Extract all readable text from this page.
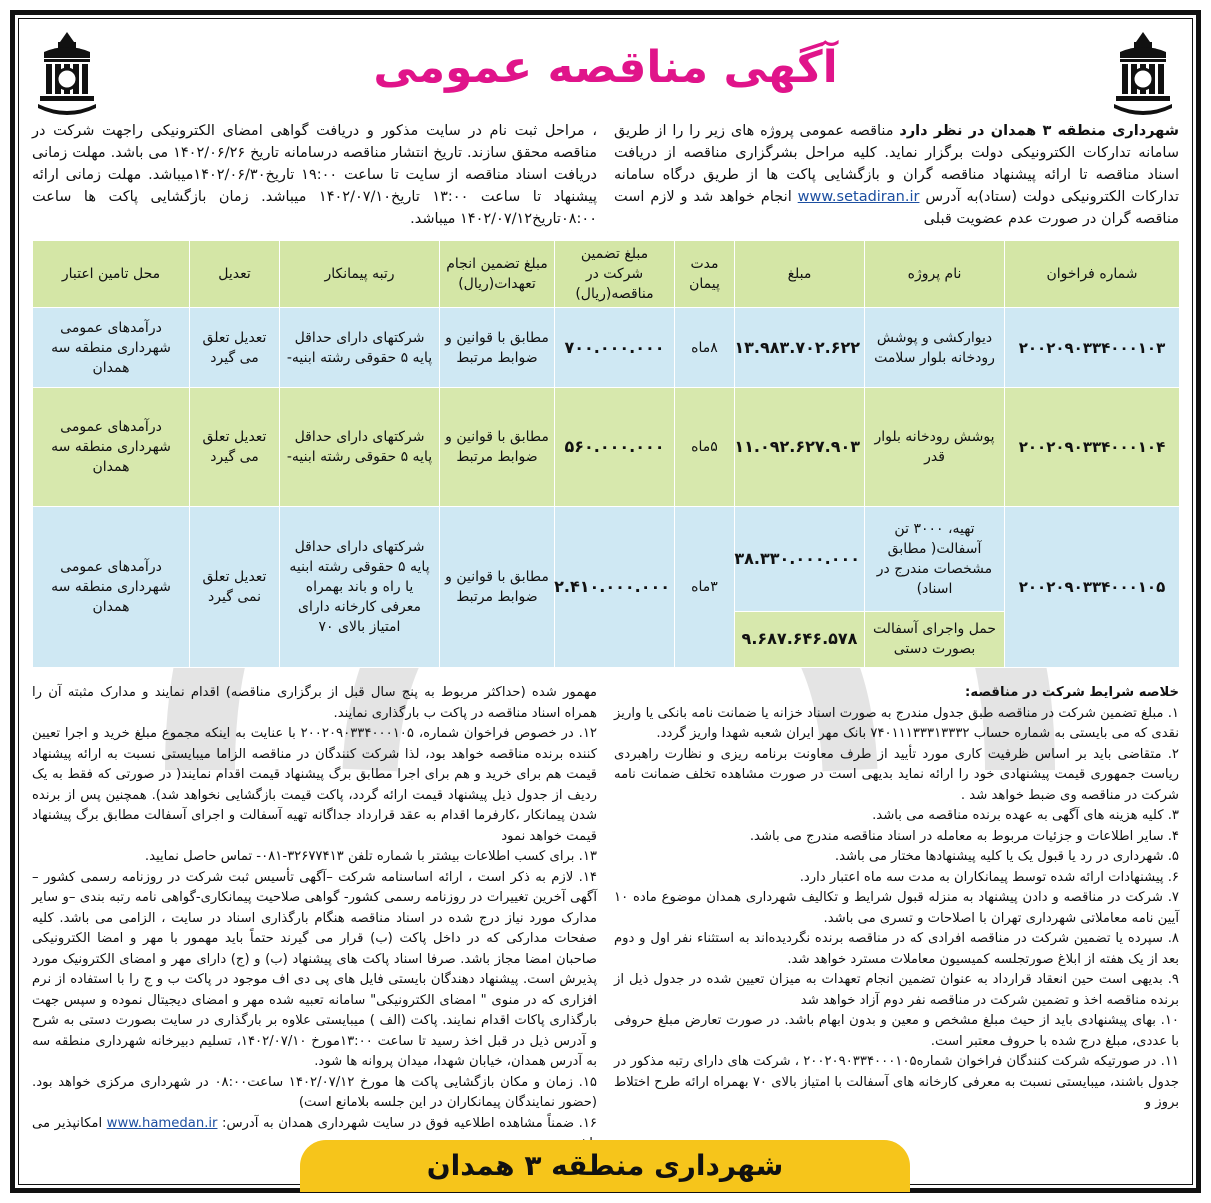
آگهی مناقصه عمومی
شهرداری منطقه ۳ همدان در نظر دارد مناقصه عمومی پروژه های زیر را را از طریق سامانه تدارکات الکترونیکی دولت برگزار نماید. کلیه مراحل بشرگزاری مناقصه از دریافت اسناد مناقصه تا ارائه پیشنهاد مناقصه گران و بازگشایی پاکت ها از طریق درگاه سامانه تدارکات الکترونیکی دولت (ستاد)به آدرس www.setadiran.ir انجام خواهد شد و لازم است مناقصه گران در صورت عدم عضویت قبلی
، مراحل ثبت نام در سایت مذکور و دریافت گواهی امضای الکترونیکی راجهت شرکت در مناقصه محقق سازند. تاریخ انتشار مناقصه درسامانه تاریخ ۱۴۰۲/۰۶/۲۶ می باشد. مهلت زمانی دریافت اسناد مناقصه از سایت تا ساعت ۱۹:۰۰ تاریخ۱۴۰۲/۰۶/۳۰میباشد. مهلت زمانی ارائه پیشنهاد تا ساعت ۱۳:۰۰ تاریخ۱۴۰۲/۰۷/۱۰ میباشد. زمان بازگشایی پاکت ها ساعت ۰۸:۰۰تاریخ۱۴۰۲/۰۷/۱۲ میباشد.
شماره فراخوان	نام پروژه	مبلغ	مدت پیمان	مبلغ تضمین شرکت در مناقصه(ریال)	مبلغ تضمین انجام تعهدات(ریال)	رتبه پیمانکار	تعدیل	محل تامین اعتبار
۲۰۰۲۰۹۰۳۳۴۰۰۰۱۰۳	دیوارکشی و پوشش رودخانه بلوار سلامت	۱۳.۹۸۳.۷۰۲.۶۲۲	۸ماه	۷۰۰.۰۰۰.۰۰۰	مطابق با قوانین و ضوابط مرتبط	شرکتهای دارای حداقل پایه ۵ حقوقی رشته ابنیه-	تعدیل تعلق می گیرد	درآمدهای عمومی شهرداری منطقه سه همدان
۲۰۰۲۰۹۰۳۳۴۰۰۰۱۰۴	پوشش رودخانه بلوار قدر	۱۱.۰۹۲.۶۲۷.۹۰۳	۵ماه	۵۶۰.۰۰۰.۰۰۰	مطابق با قوانین و ضوابط مرتبط	شرکتهای دارای حداقل پایه ۵ حقوقی رشته ابنیه-	تعدیل تعلق می گیرد	درآمدهای عمومی شهرداری منطقه سه همدان
۲۰۰۲۰۹۰۳۳۴۰۰۰۱۰۵	تهیه، ۳۰۰۰ تن آسفالت( مطابق مشخصات مندرج در اسناد)	۳۸.۳۳۰.۰۰۰.۰۰۰	۳ماه	۲.۴۱۰.۰۰۰.۰۰۰	مطابق با قوانین و ضوابط مرتبط	شرکتهای دارای حداقل پایه ۵ حقوقی رشته ابنیه یا راه و باند بهمراه معرفی کارخانه دارای امتیاز بالای ۷۰	تعدیل تعلق نمی گیرد	درآمدهای عمومی شهرداری منطقه سه همدان
	حمل واجرای آسفالت بصورت دستی	۹.۶۸۷.۶۴۶.۵۷۸						

خلاصه شرایط شرکت در مناقصه:

۱. مبلغ تضمین شرکت در مناقصه طبق جدول مندرج به صورت اسناد خزانه یا ضمانت نامه بانکی یا واریز نقدی که می بایستی به شماره حساب ۷۴۰۱۱۱۳۳۳۱۳۳۳۲ بانک مهر ایران شعبه شهدا واریز گردد.

۲. متقاضی باید بر اساس ظرفیت کاری مورد تأیید از طرف معاونت برنامه ریزی و نظارت راهبردی ریاست جمهوری قیمت پیشنهادی خود را ارائه نماید بدیهی است در صورت مشاهده تخلف ضمانت نامه شرکت در مناقصه وی ضبط خواهد شد .

۳. کلیه هزینه های آگهی به عهده برنده مناقصه می باشد.

۴. سایر اطلاعات و جزئیات مربوط به معامله در اسناد مناقصه مندرج می باشد.

۵. شهرداری در رد یا قبول یک یا کلیه پیشنهادها مختار می باشد.

۶. پیشنهادات ارائه شده توسط پیمانکاران به مدت سه ماه اعتبار دارد.

۷. شرکت در مناقصه و دادن پیشنهاد به منزله قبول شرایط و تکالیف شهرداری همدان موضوع ماده ۱۰ آیین نامه معاملاتی شهرداری تهران با اصلاحات و تسری می باشد.

۸. سپرده یا تضمین شرکت در مناقصه افرادی که در مناقصه برنده نگردیده‌اند به استثناء نفر اول و دوم بعد از یک هفته از ابلاغ صورتجلسه کمیسیون معاملات مسترد خواهد شد.

۹. بدیهی است حین انعقاد قرارداد به عنوان تضمین انجام تعهدات به میزان تعیین شده در جدول ذیل از برنده مناقصه اخذ و تضمین شرکت در مناقصه نفر دوم آزاد خواهد شد

۱۰. بهای پیشنهادی باید از حیث مبلغ مشخص و معین و بدون ابهام باشد. در صورت تعارض مبلغ حروفی با عددی، مبلغ درج شده با حروف معتبر است.

۱۱. در صورتیکه شرکت کنندگان فراخوان شماره۲۰۰۲۰۹۰۳۳۴۰۰۰۱۰۵ ، شرکت های دارای رتبه مذکور در جدول باشند، میبایستی نسبت به معرفی کارخانه های آسفالت با امتیاز بالای ۷۰ بهمراه ارائه طرح اختلاط بروز و

مهمور شده (حداکثر مربوط به پنج سال قبل از برگزاری مناقصه) اقدام نمایند و مدارک مثبته آن را همراه اسناد مناقصه در پاکت ب بارگذاری نمایند.

۱۲. در خصوص فراخوان شماره، ۲۰۰۲۰۹۰۳۳۴۰۰۰۱۰۵ با عنایت به اینکه مجموع مبلغ خرید و اجرا تعیین کننده برنده مناقصه خواهد بود، لذا شرکت کنندگان در مناقصه الزاما میبایستی نسبت به ارائه پیشنهاد قیمت هم برای خرید و هم برای اجرا مطابق برگ پیشنهاد قیمت اقدام نمایند( در صورتی که فقط به یک ردیف از جدول ذیل پیشنهاد قیمت ارائه گردد، پاکت قیمت بازگشایی نخواهد شد). همچنین پس از برنده شدن پیمانکار ،کارفرما اقدام به عقد قرارداد جداگانه تهیه آسفالت و اجرای آسفالت مطابق برگ پیشنهاد قیمت خواهد نمود

۱۳. برای کسب اطلاعات بیشتر با شماره تلفن ۳۲۶۷۷۴۱۳-۰۸۱- تماس حاصل نمایید.

۱۴. لازم به ذکر است ، ارائه اساسنامه شرکت –آگهی تأسیس ثبت شرکت در روزنامه رسمی کشور –آگهی آخرین تغییرات در روزنامه رسمی کشور- گواهی صلاحیت پیمانکاری-گواهی نامه رتبه بندی –و سایر مدارک مورد نیاز درج شده در اسناد مناقصه هنگام بارگذاری اسناد در سایت ، الزامی می باشد. کلیه صفحات مدارکی که در داخل پاکت (ب) قرار می گیرند حتماً باید مهمور با مهر و امضا الکترونیکی صاحبان امضا مجاز باشد. صرفا اسناد پاکت های پیشنهاد (ب) و (ج) دارای مهر و امضای الکترونیک مورد پذیرش است. پیشنهاد دهندگان بایستی فایل های پی دی اف موجود در پاکت ب و ج را با استفاده از نرم افزاری که در منوی " امضای الکترونیکی" سامانه تعبیه شده مهر و امضای دیجیتال نموده و سپس جهت بارگذاری پاکات اقدام نمایند. پاکت (الف ) میبایستی علاوه بر بارگذاری در سایت بصورت دستی به شرح و آدرس ذیل در قبل اخذ رسید تا ساعت ۱۳:۰۰مورخ ۱۴۰۲/۰۷/۱۰، تسلیم دبیرخانه شهرداری منطقه سه به آدرس همدان، خیابان شهدا، میدان پروانه ها شود.

۱۵. زمان و مکان بازگشایی پاکت ها مورخ ۱۴۰۲/۰۷/۱۲ ساعت۰۸:۰۰ در شهرداری مرکزی خواهد بود.(حضور نمایندگان پیمانکاران در این جلسه بلامانع است)

۱۶. ضمناً مشاهده اطلاعیه فوق در سایت شهرداری همدان به آدرس: www.hamedan.ir امکانپذیر می

شهرداری منطقه ۳ همدان
